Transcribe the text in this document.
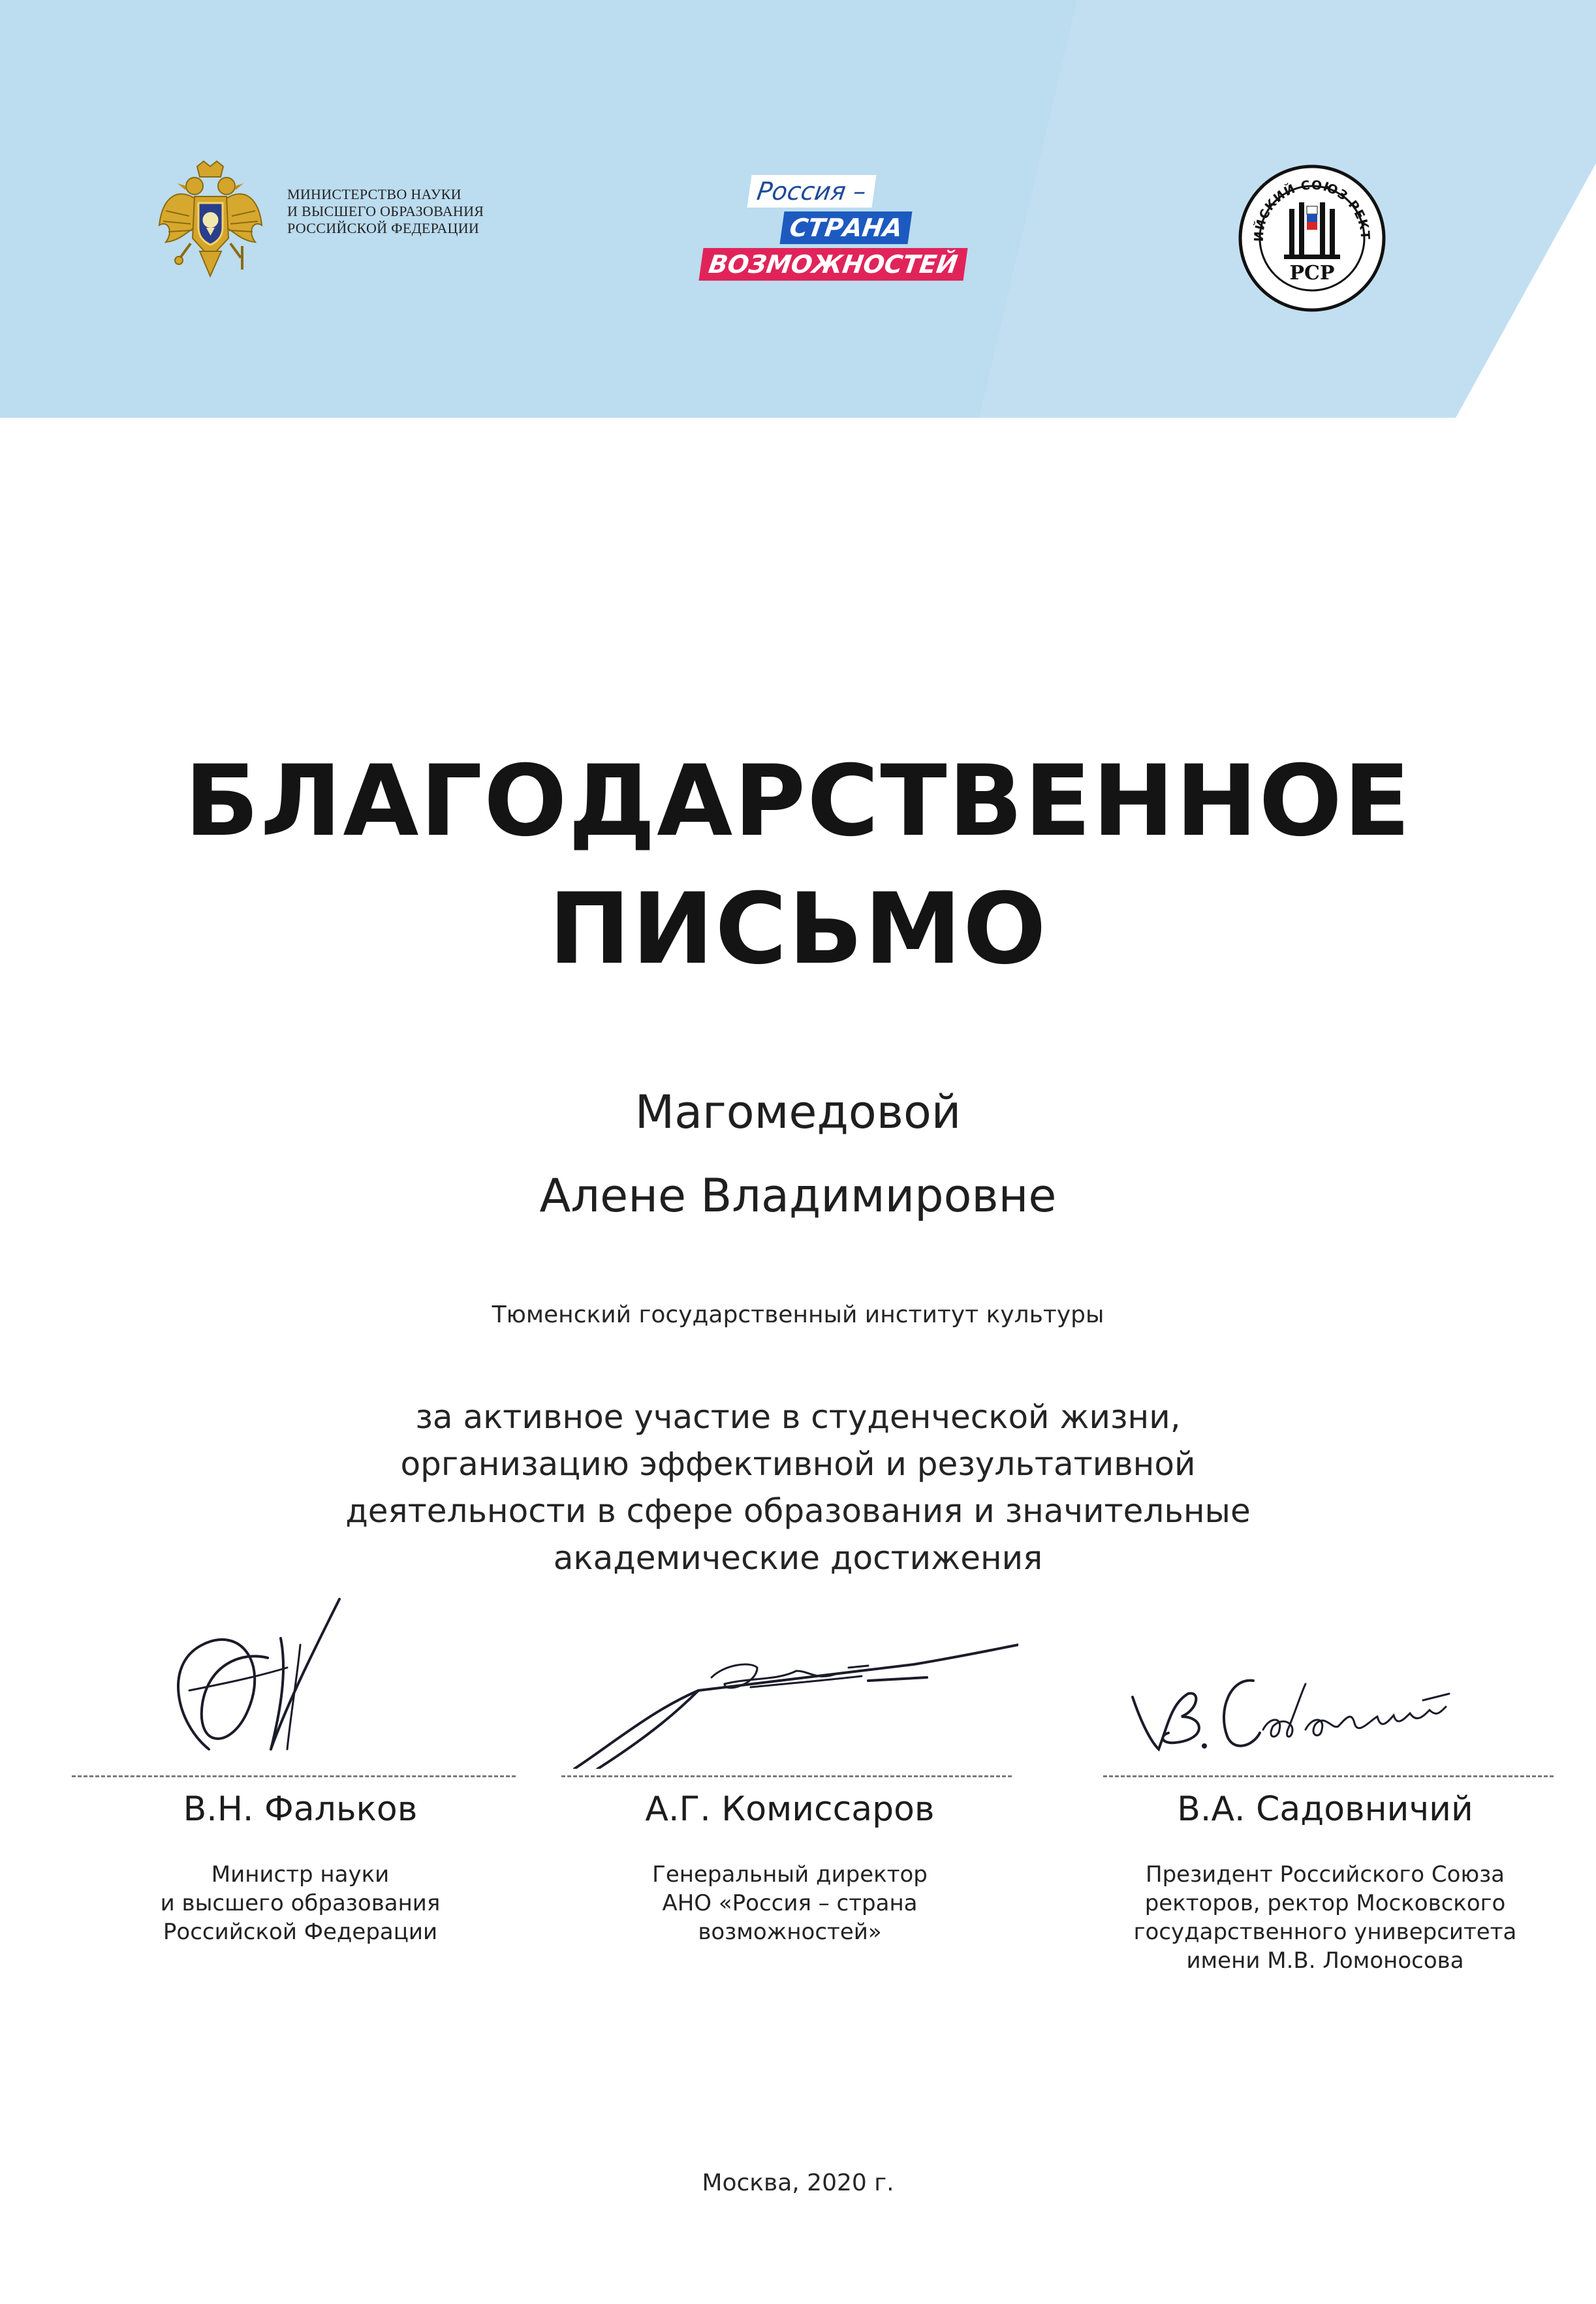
МИНИСТЕРСТВО НАУКИ
И ВЫСШЕГО ОБРАЗОВАНИЯ
РОССИЙСКОЙ ФЕДЕРАЦИИ
Россия –
СТРАНА
ВОЗМОЖНОСТЕЙ
ИЙСКИЙ СОЮЗ РЕКТ
РСР
БЛАГОДАРСТВЕННОЕ
ПИСЬМО
Магомедовой
Алене Владимировне
Тюменский государственный институт культуры
за активное участие в студенческой жизни,
организацию эффективной и результативной
деятельности в сфере образования и значительные
академические достижения
В.Н. Фальков
Министр науки
и высшего образования
Российской Федерации
А.Г. Комиссаров
Генеральный директор
АНО «Россия – страна
возможностей»
В.А. Садовничий
Президент Российского Союза
ректоров, ректор Московского
государственного университета
имени М.В. Ломоносова
Москва, 2020 г.
